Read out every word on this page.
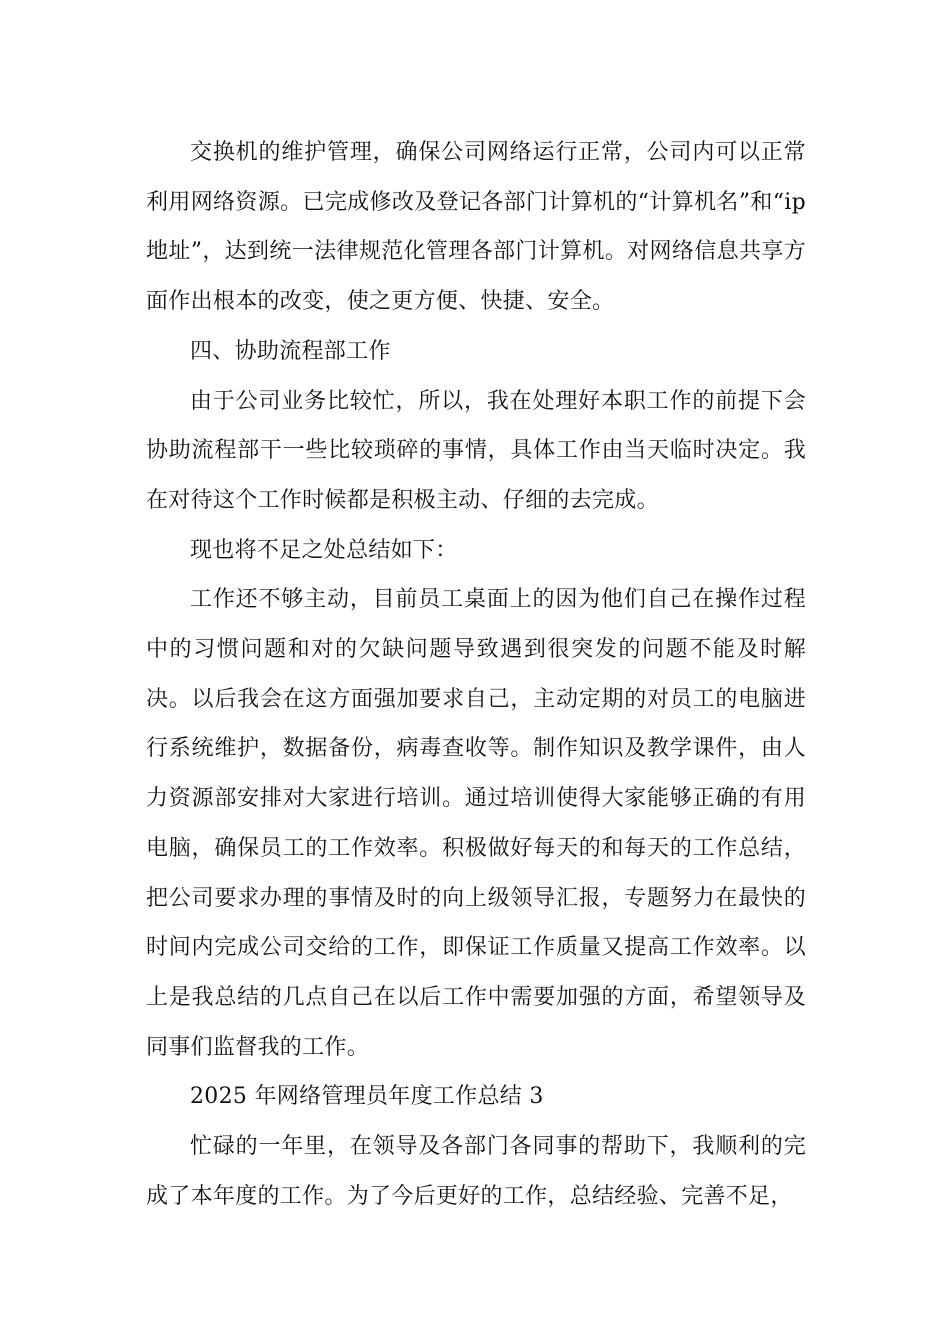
交换机的维护管理，确保公司网络运行正常，公司内可以正常利用网络资源。已完成修改及登记各部门计算机的“计算机名”和“ip 地址”，达到统一法律规范化管理各部门计算机。对网络信息共享方面作出根本的改变，使之更方便、快捷、安全。

四、协助流程部工作

由于公司业务比较忙，所以，我在处理好本职工作的前提下会协助流程部干一些比较琐碎的事情，具体工作由当天临时决定。我在对待这个工作时候都是积极主动、仔细的去完成。

现也将不足之处总结如下：

工作还不够主动，目前员工桌面上的因为他们自己在操作过程中的习惯问题和对的欠缺问题导致遇到很突发的问题不能及时解决。以后我会在这方面强加要求自己，主动定期的对员工的电脑进行系统维护，数据备份，病毒查收等。制作知识及教学课件，由人力资源部安排对大家进行培训。通过培训使得大家能够正确的有用电脑，确保员工的工作效率。积极做好每天的和每天的工作总结，把公司要求办理的事情及时的向上级领导汇报，专题努力在最快的时间内完成公司交给的工作，即保证工作质量又提高工作效率。以上是我总结的几点自己在以后工作中需要加强的方面，希望领导及同事们监督我的工作。

2025 年网络管理员年度工作总结 3

忙碌的一年里，在领导及各部门各同事的帮助下，我顺利的完成了本年度的工作。为了今后更好的工作，总结经验、完善不足，
